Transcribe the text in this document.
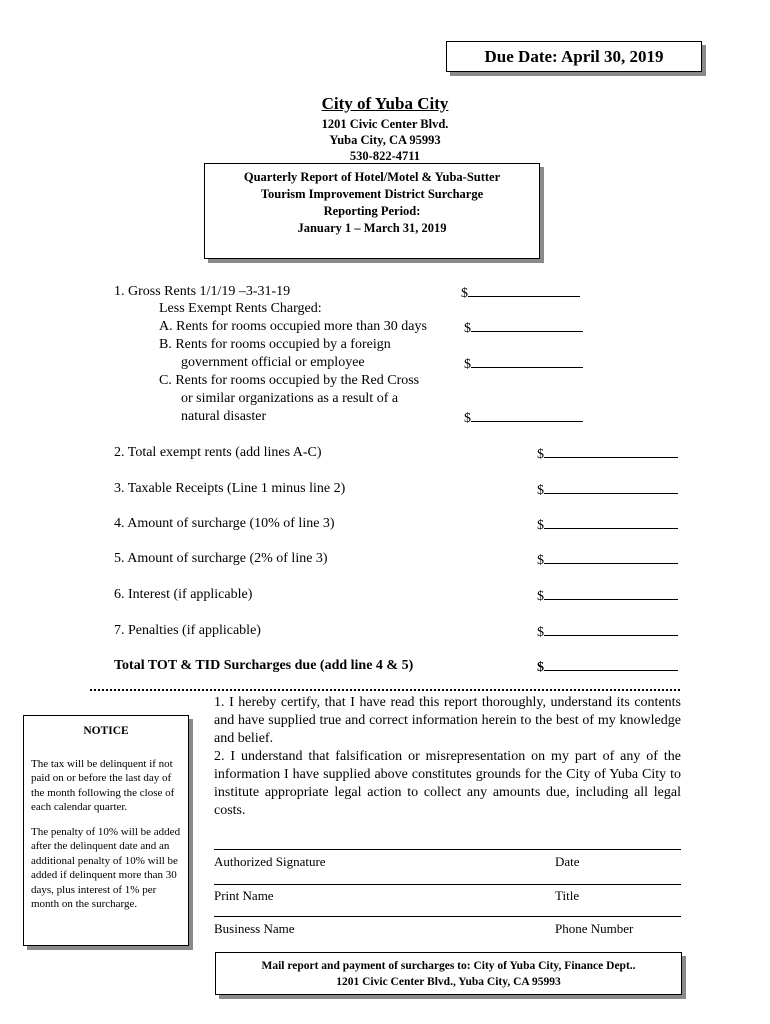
Due Date: April 30, 2019
City of Yuba City
1201 Civic Center Blvd.
Yuba City, CA 95993
530-822-4711
Quarterly Report of Hotel/Motel & Yuba-Sutter
Tourism Improvement District Surcharge
Reporting Period:
January 1 – March 31, 2019
1. Gross Rents 1/1/19 –3-31-19	$
Less Exempt Rents Charged:
A. Rents for rooms occupied more than 30 days	$
B. Rents for rooms occupied by a foreign
government official or employee	$
C. Rents for rooms occupied by the Red Cross
or similar organizations as a result of a
natural disaster	$
2. Total exempt rents (add lines A-C)	$
3. Taxable Receipts (Line 1 minus line 2)	$
4. Amount of surcharge (10% of line 3)	$
5. Amount of surcharge (2% of line 3)	$
6. Interest (if applicable)	$
7. Penalties (if applicable)	$
Total TOT & TID Surcharges due (add line 4 & 5)	$
NOTICE

The tax will be delinquent if not paid on or before the last day of the month following the close of each calendar quarter.

The penalty of 10% will be added after the delinquent date and an additional penalty of 10% will be added if delinquent more than 30 days, plus interest of 1% per month on the surcharge.

1. I hereby certify, that I have read this report thoroughly, understand its contents and have supplied true and correct information herein to the best of my knowledge and belief.

2. I understand that falsification or misrepresentation on my part of any of the information I have supplied above constitutes grounds for the City of Yuba City to institute appropriate legal action to collect any amounts due, including all legal costs.

Authorized Signature	Date
Print Name	Title
Business Name	Phone Number
Mail report and payment of surcharges to: City of Yuba City, Finance Dept..
1201 Civic Center Blvd., Yuba City, CA 95993
